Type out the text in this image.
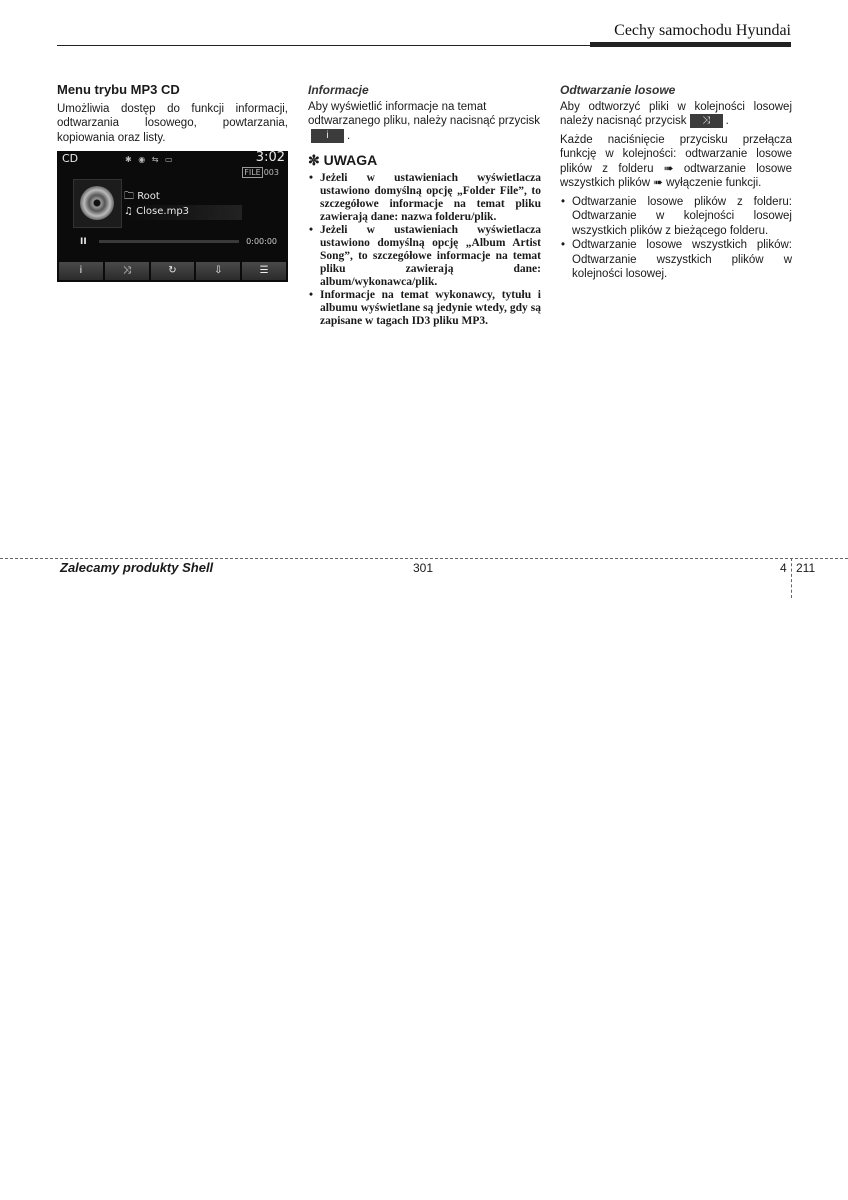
Cechy samochodu Hyundai
Menu trybu MP3 CD

Umożliwia dostęp do funkcji informacji, odtwarzania losowego, powtarzania, kopiowania oraz listy.

CD	✱ ◉ ⇆ ▭	3:02
FILE 003
🗀 Root
♫ Close.mp3
II	0:00:00
i	⤨	↻	⇩	☰
Informacje

Aby wyświetlić informacje na temat odtwarzanego pliku, należy nacisnąć przyciski .

✼ UWAGA
• Jeżeli w ustawieniach wyświetlacza ustawiono domyślną opcję „Folder File”, to szczegółowe informacje na temat pliku zawierają dane: nazwa folderu/plik.
• Jeżeli w ustawieniach wyświetlacza ustawiono domyślną opcję „Album Artist Song”, to szczegółowe informacje na temat pliku zawierają dane: album/wykonawca/plik.
• Informacje na temat wykonawcy, tytułu i albumu wyświetlane są jedynie wtedy, gdy są zapisane w tagach ID3 pliku MP3.
Odtwarzanie losowe

Aby odtworzyć pliki w kolejności losowej należy nacisnąć przycisk ⤨ .

Każde naciśnięcie przycisku przełącza funkcję w kolejności: odtwarzanie losowe plików z folderu ➠ odtwarzanie losowe wszystkich plików ➠ wyłączenie funkcji.

• Odtwarzanie losowe plików z folderu: Odtwarzanie w kolejności losowej wszystkich plików z bieżącego folderu.
• Odtwarzanie losowe wszystkich plików: Odtwarzanie wszystkich plików w kolejności losowej.
Zalecamy produkty Shell	301	4 211
